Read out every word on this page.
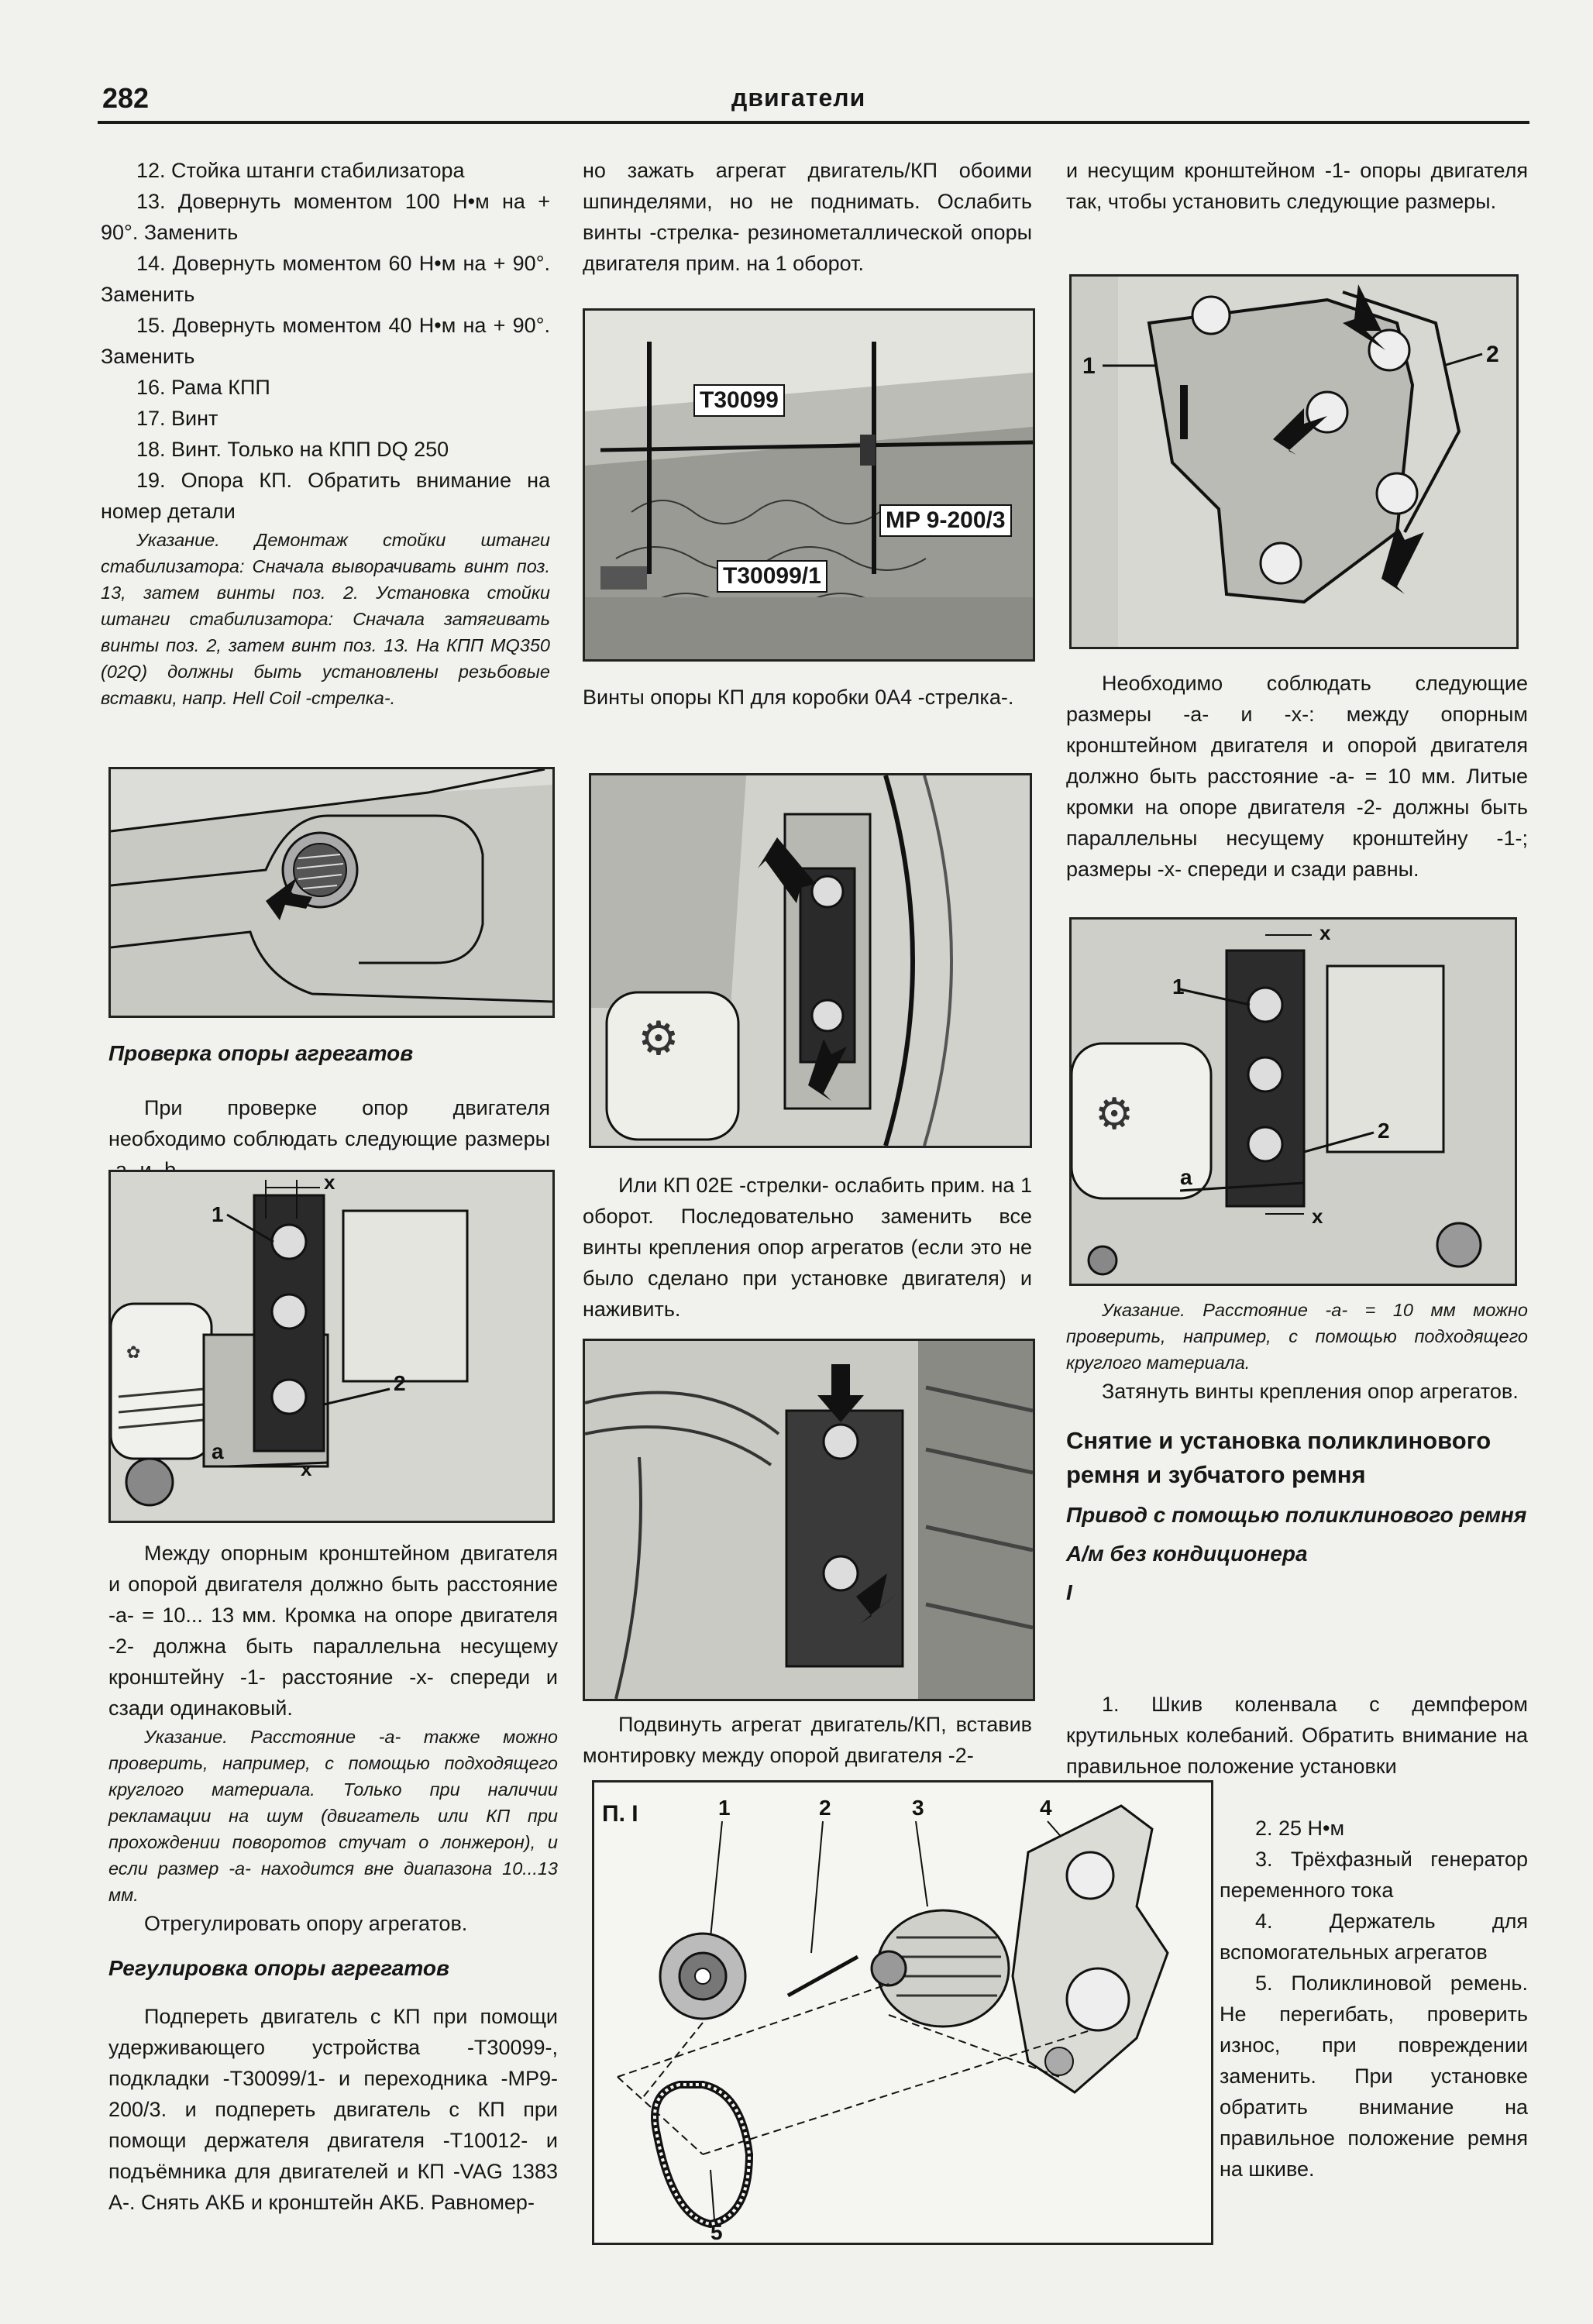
282	двигатели
12. Стойка штанги стабилизатора
13. Довернуть моментом 100 Н•м на + 90°. Заменить
14. Довернуть моментом 60 Н•м на + 90°. Заменить
15. Довернуть моментом 40 Н•м на + 90°. Заменить
16. Рама КПП
17. Винт
18. Винт. Только на КПП DQ 250
19. Опора КП. Обратить внимание на номер детали

Указание. Демонтаж стойки штанги стабилизатора: Сначала выворачивать винт поз. 13, затем винты поз. 2. Установка стойки штанги стабилизатора: Сначала затягивать винты поз. 2, затем винт поз. 13. На КПП MQ350 (02Q) должны быть установлены резьбовые вставки, напр. Hell Coil -стрелка-.

Проверка опоры агрегатов

При проверке опор двигателя необходимо соблюдать следующие размеры

✿
1
2
а
x
x

Между опорным кронштейном двигателя и опорой двигателя должно быть расстояние -а- = 10... 13 мм. Кромка на опоре двигателя -2- должна быть параллельна несущему кронштейну -1- расстояние -х- спереди и сзади одинаковый.

Указание. Расстояние -а- также можно проверить, например, с помощью подходящего круглого материала. Только при наличии рекламации на шум (двигатель или КП при прохождении поворотов стучат о лонжерон), и если размер -а- находится вне диапазона 10...13 мм.

Отрегулировать опору агрегатов.

Регулировка опоры агрегатов

Подпереть двигатель с КП при помощи удерживающего устройства -Т30099-, подкладки -Т30099/1- и переходника -МР9-200/3. и подпереть двигатель с КП при помощи держателя двигателя -Т10012- и подъёмника для двигателей и КП -VAG 1383 А-. Снять АКБ и кронштейн АКБ. Равномер-

но зажать агрегат двигатель/КП обоими шпинделями, но не поднимать. Ослабить винты -стрелка- резинометаллической опоры двигателя прим. на 1 оборот.

T30099
MP 9-200/3
T30099/1

Винты опоры КП для коробки 0А4 -стрелка-.

⚙

Или КП 02Е -стрелки- ослабить прим. на 1 оборот. Последовательно заменить все винты крепления опор агрегатов (если это не было сделано при установке двигателя) и наживить.

Подвинуть агрегат двигатель/КП, вставив монтировку между опорой двигателя -2-

и несущим кронштейном -1- опоры двигателя так, чтобы установить следующие размеры.

1	2

Необходимо соблюдать следующие размеры -а- и -х-: между опорным кронштейном двигателя и опорой двигателя должно быть расстояние -а- = 10 мм. Литые кромки на опоре двигателя -2- должны быть параллельны несущему кронштейну -1-; размеры -х- спереди и сзади равны.

⚙
1
2
а
x
x

Указание. Расстояние -а- = 10 мм можно проверить, например, с помощью подходящего круглого материала.

Затянуть винты крепления опор агрегатов.

Снятие и установка поликлинового ремня и зубчатого ремня

Привод с помощью поликлинового ремня

А/м без кондиционера

I

1. Шкив коленвала с демпфером крутильных колебаний. Обратить внимание на правильное положение установки

2. 25 Н•м
3. Трёхфазный генератор переменного тока
4. Держатель для вспомогательных агрегатов
5. Поликлиновой ремень. Не перегибать, проверить износ, при повреждении заменить. При установке обратить внимание на правильное положение ремня на шкиве.
П. I	1	2	3	4
5
